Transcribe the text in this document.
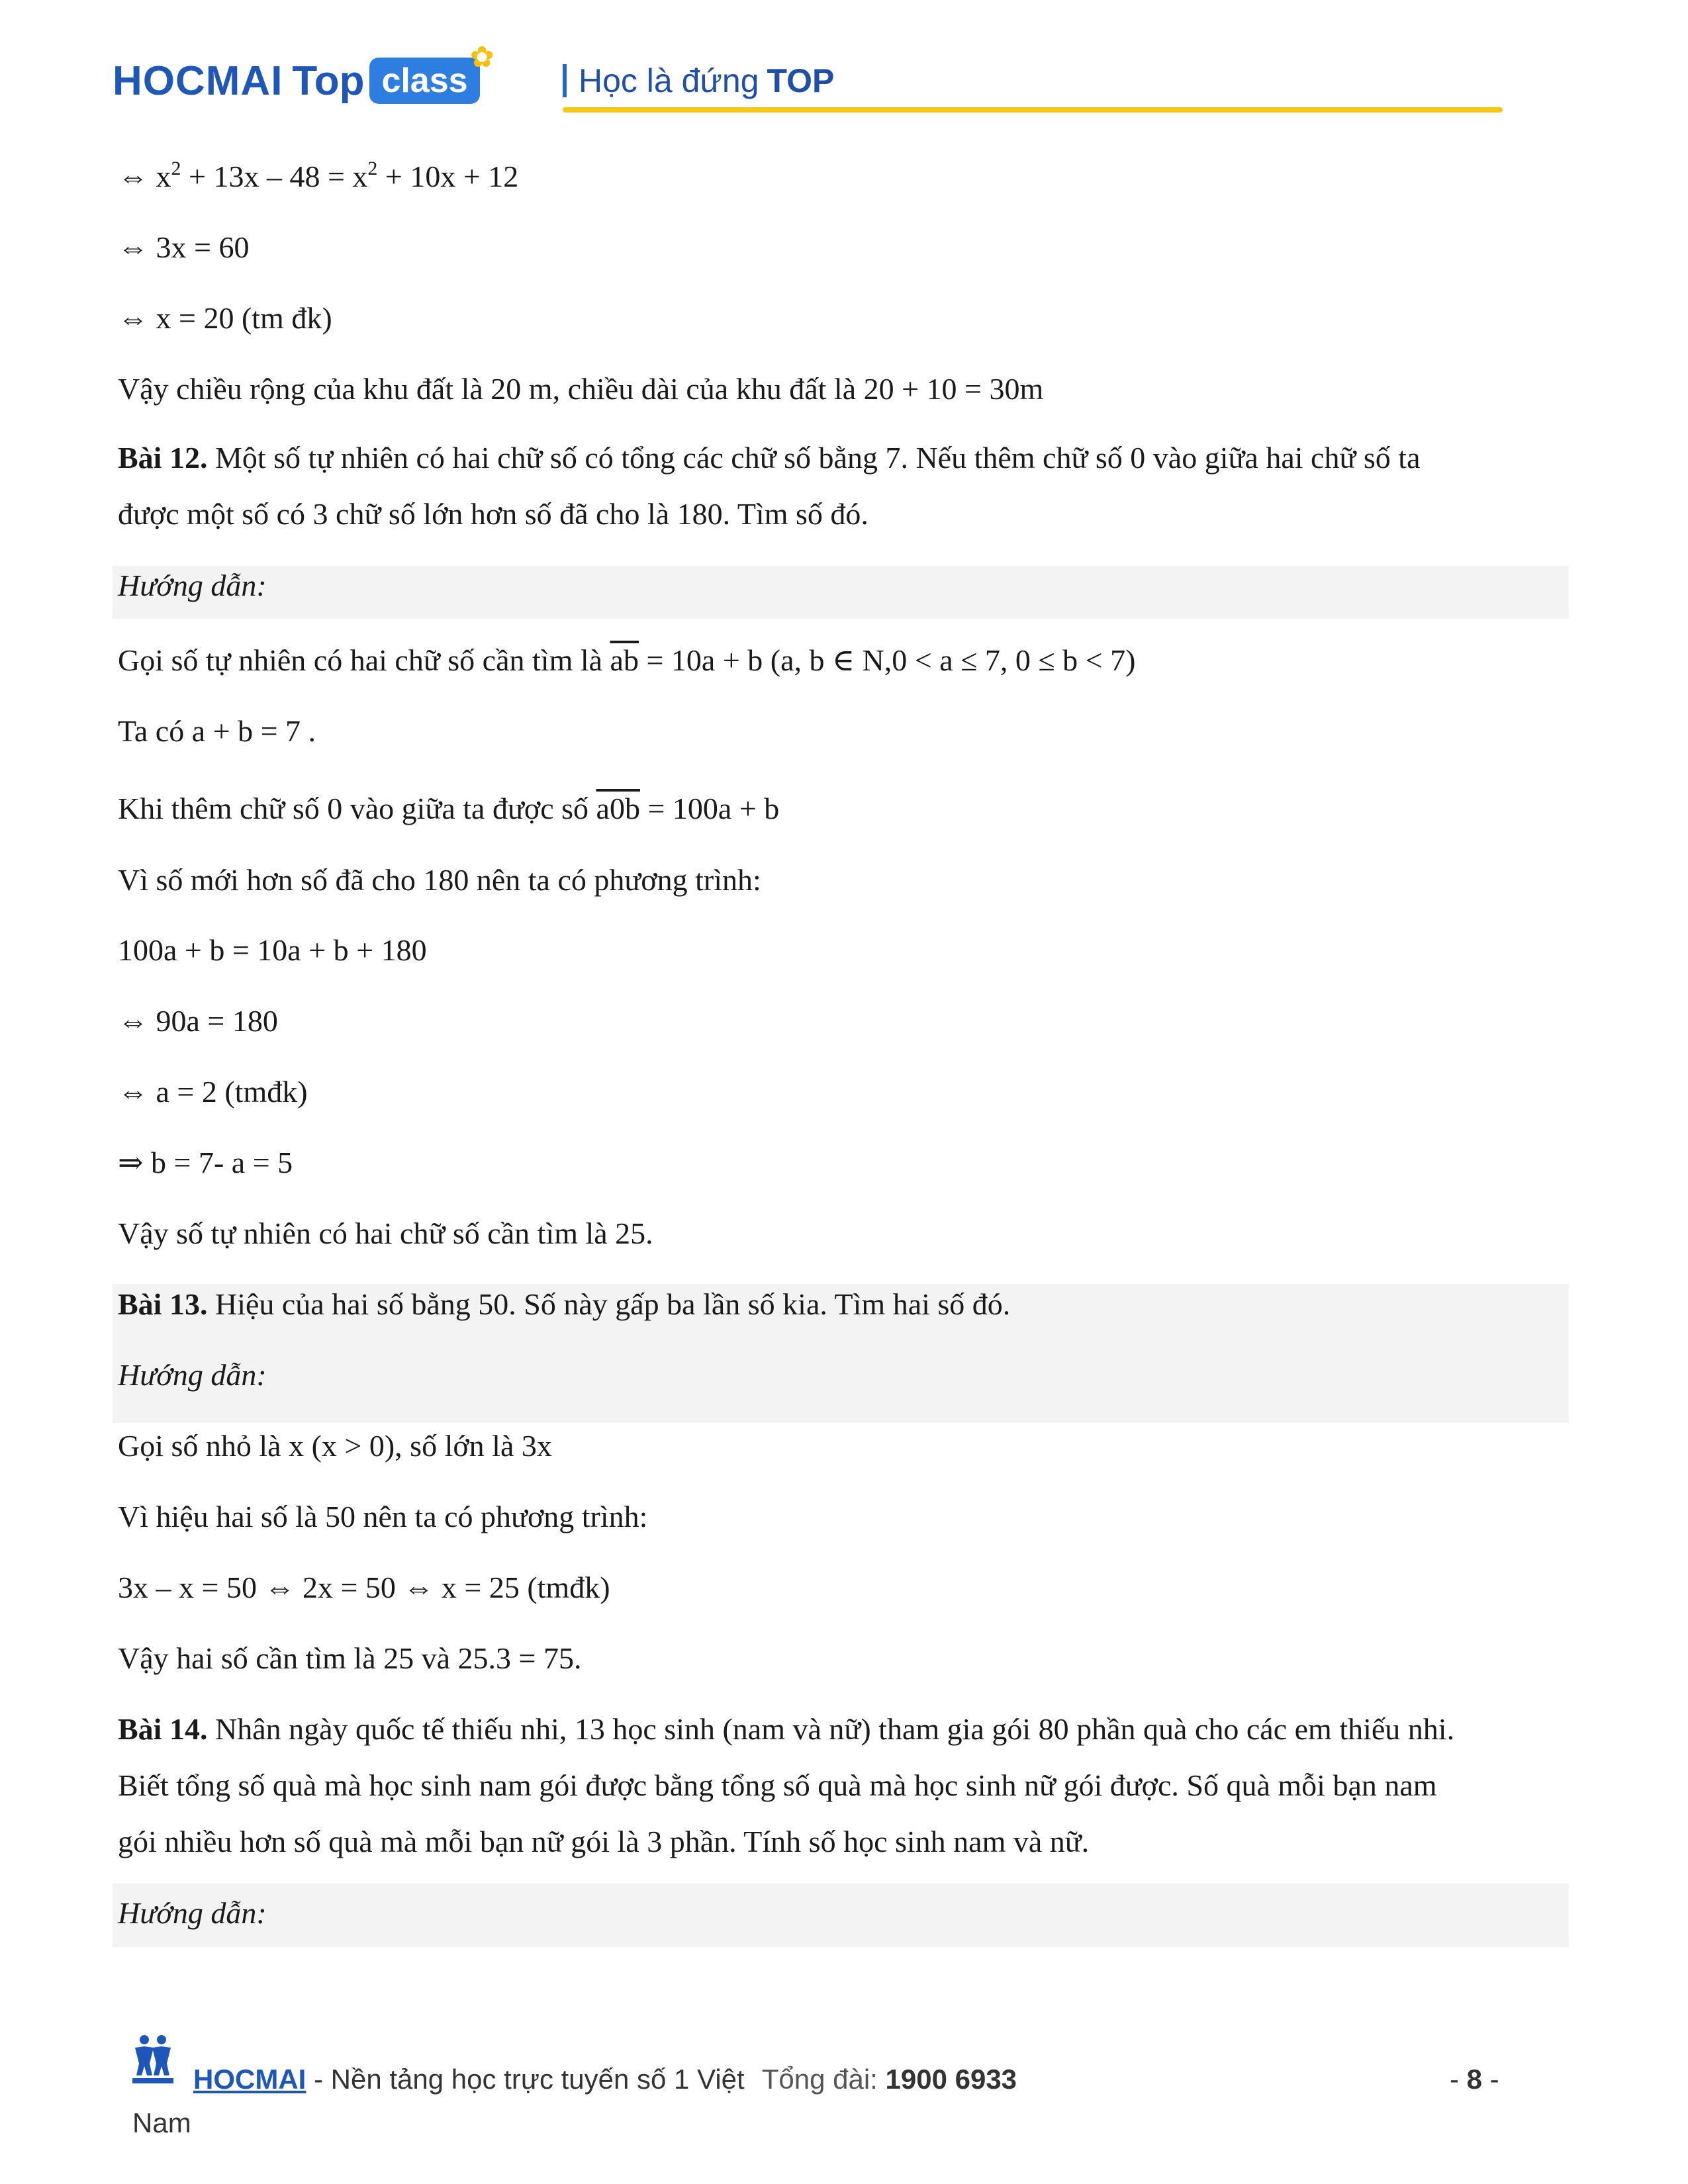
HOCMAI Top class
✿
Học là đứng TOP
⇔ $x^2 + 13x - 48 = x^2 + 10x + 12$
⇔ 3x = 60
⇔ x = 20 (tm đk)
Vậy chiều rộng của khu đất là 20 m, chiều dài của khu đất là 20 + 10 = 30m
Bài 12. Một số tự nhiên có hai chữ số có tổng các chữ số bằng 7. Nếu thêm chữ số 0 vào giữa hai chữ số ta
được một số có 3 chữ số lớn hơn số đã cho là 180. Tìm số đó.
Hướng dẫn:
Gọi số tự nhiên có hai chữ số cần tìm là $\overline{ab} = 10a + b$ (a, b ∈ N,0 < a ≤ 7, 0 ≤ b < 7)
Ta có a + b = 7 .
Khi thêm chữ số 0 vào giữa ta được số a0b = 100a + b
Vì số mới hơn số đã cho 180 nên ta có phương trình:
100a + b = 10a + b + 180
⇔ 90a = 180
⇔ a = 2 (tmđk)
⇒ b = 7- a = 5
Vậy số tự nhiên có hai chữ số cần tìm là 25.
Bài 13. Hiệu của hai số bằng 50. Số này gấp ba lần số kia. Tìm hai số đó.
Hướng dẫn:
Gọi số nhỏ là x (x > 0), số lớn là 3x
Vì hiệu hai số là 50 nên ta có phương trình:
3x – x = 50 ⇔ 2x = 50 ⇔ x = 25 (tmđk)
Vậy hai số cần tìm là 25 và 25.3 = 75.
Bài 14. Nhân ngày quốc tế thiếu nhi, 13 học sinh (nam và nữ) tham gia gói 80 phần quà cho các em thiếu nhi.
Biết tổng số quà mà học sinh nam gói được bằng tổng số quà mà học sinh nữ gói được. Số quà mỗi bạn nam
gói nhiều hơn số quà mà mỗi bạn nữ gói là 3 phần. Tính số học sinh nam và nữ.
Hướng dẫn:
HOCMAI - Nền tảng học trực tuyến số 1 Việt Tổng đài: 1900 6933	- 8 -
Nam
